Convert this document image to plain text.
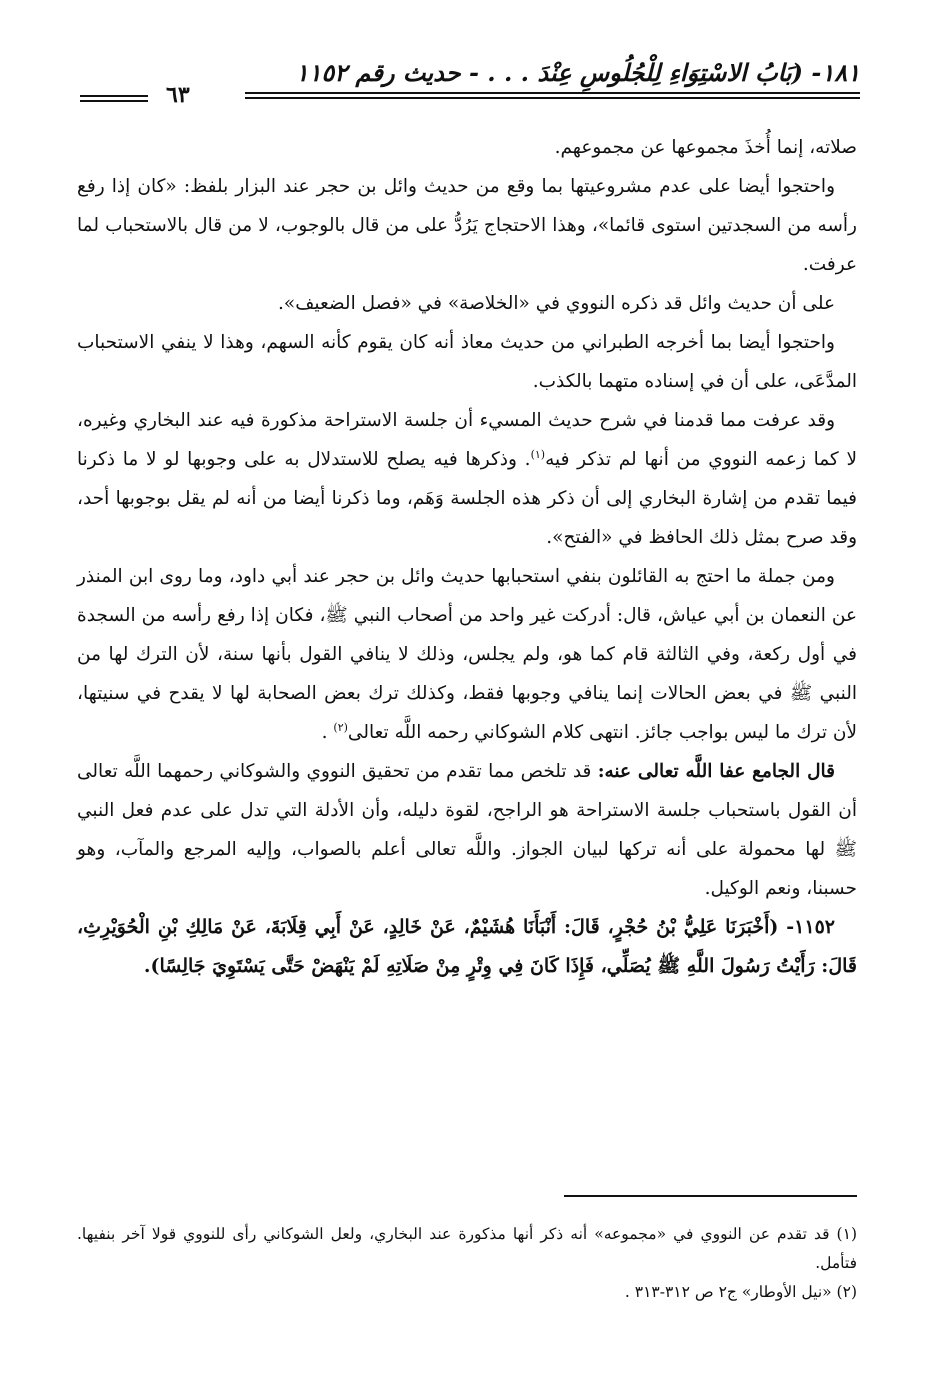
١٨١- (بَابُ الاسْتِوَاءِ لِلْجُلُوسِ عِنْدَ . . . - حديث رقم ١١٥٢
٦٣

صلاته، إنما أُخذَ مجموعها عن مجموعهم.

واحتجوا أيضا على عدم مشروعيتها بما وقع من حديث وائل بن حجر عند البزار بلفظ: «كان إذا رفع رأسه من السجدتين استوى قائما»، وهذا الاحتجاج يَرُدُّ على من قال بالوجوب، لا من قال بالاستحباب لما عرفت.

على أن حديث وائل قد ذكره النووي في «الخلاصة» في «فصل الضعيف».

واحتجوا أيضا بما أخرجه الطبراني من حديث معاذ أنه كان يقوم كأنه السهم، وهذا لا ينفي الاستحباب المدَّعَى، على أن في إسناده متهما بالكذب.

وقد عرفت مما قدمنا في شرح حديث المسيء أن جلسة الاستراحة مذكورة فيه عند البخاري وغيره، لا كما زعمه النووي من أنها لم تذكر فيه$^{(١)}$. وذكرها فيه يصلح للاستدلال به على وجوبها لو لا ما ذكرنا فيما تقدم من إشارة البخاري إلى أن ذكر هذه الجلسة وَهَم، وما ذكرنا أيضا من أنه لم يقل بوجوبها أحد، وقد صرح بمثل ذلك الحافظ في «الفتح».

ومن جملة ما احتج به القائلون بنفي استحبابها حديث وائل بن حجر عند أبي داود، وما روى ابن المنذر عن النعمان بن أبي عياش، قال: أدركت غير واحد من أصحاب النبي ﷺ، فكان إذا رفع رأسه من السجدة في أول ركعة، وفي الثالثة قام كما هو، ولم يجلس، وذلك لا ينافي القول بأنها سنة، لأن الترك لها من النبي ﷺ في بعض الحالات إنما ينافي وجوبها فقط، وكذلك ترك بعض الصحابة لها لا يقدح في سنيتها، لأن ترك ما ليس بواجب جائز. انتهى كلام الشوكاني رحمه اللَّه تعالى$^{(٢)}$ .

قال الجامع عفا اللَّه تعالى عنه: قد تلخص مما تقدم من تحقيق النووي والشوكاني رحمهما اللَّه تعالى أن القول باستحباب جلسة الاستراحة هو الراجح، لقوة دليله، وأن الأدلة التي تدل على عدم فعل النبي ﷺ لها محمولة على أنه تركها لبيان الجواز. واللَّه تعالى أعلم بالصواب، وإليه المرجع والمآب، وهو حسبنا، ونعم الوكيل.

١١٥٢- (أَخْبَرَنَا عَلِيُّ بْنُ حُجْرٍ، قَالَ: أَنْبَأَنَا هُشَيْمٌ، عَنْ خَالِدٍ، عَنْ أَبِي قِلَابَةَ، عَنْ مَالِكِ بْنِ الْحُوَيْرِثِ، قَالَ: رَأَيْتُ رَسُولَ اللَّهِ ﷺ يُصَلِّي، فَإِذَا كَانَ فِي وِتْرٍ مِنْ صَلَاتِهِ لَمْ يَنْهَضْ حَتَّى يَسْتَوِيَ جَالِسًا).

(١) قد تقدم عن النووي في «مجموعه» أنه ذكر أنها مذكورة عند البخاري، ولعل الشوكاني رأى للنووي قولا آخر بنفيها. فتأمل.

(٢) «نيل الأوطار» ج٢ ص ٣١٢-٣١٣ .
